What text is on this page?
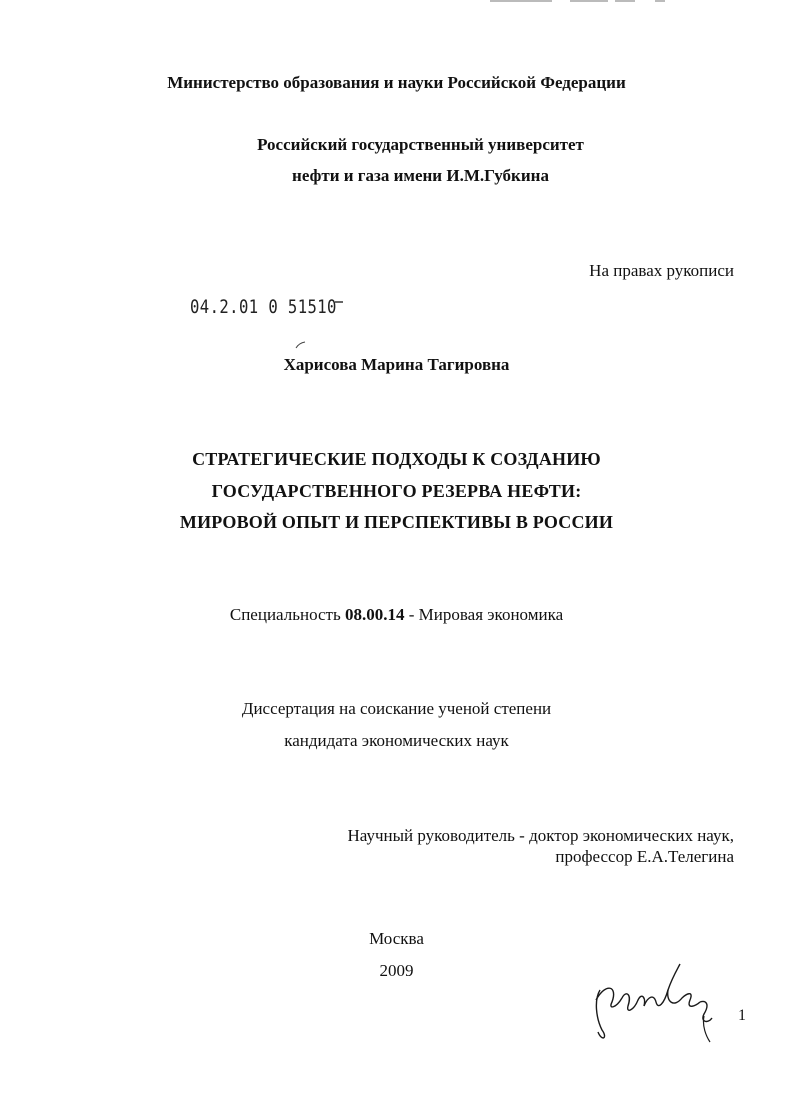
Министерство образования и науки Российской Федерации
Российский государственный университет
нефти и газа имени И.М.Губкина
На правах рукописи
04.2.01 0 51510
Харисова Марина Тагировна
СТРАТЕГИЧЕСКИЕ ПОДХОДЫ К СОЗДАНИЮ
ГОСУДАРСТВЕННОГО РЕЗЕРВА НЕФТИ:
МИРОВОЙ ОПЫТ И ПЕРСПЕКТИВЫ В РОССИИ
Специальность 08.00.14 - Мировая экономика
Диссертация на соискание ученой степени
кандидата экономических наук
Научный руководитель - доктор экономических наук,
профессор Е.А.Телегина
Москва
2009
1
